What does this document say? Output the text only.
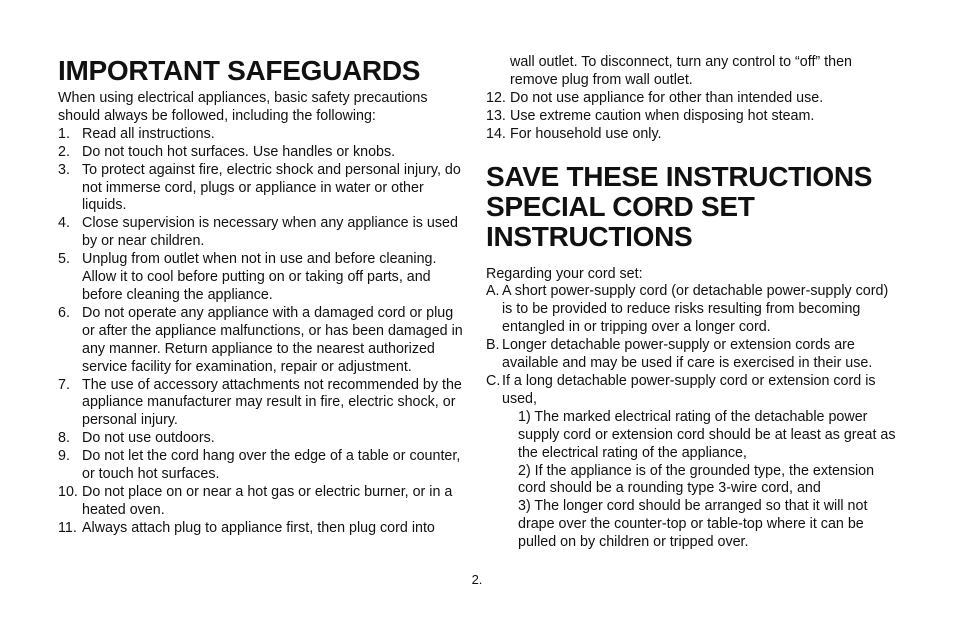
IMPORTANT SAFEGUARDS
When using electrical appliances, basic safety precautions should always be followed, including the following:
1. Read all instructions.
2. Do not touch hot surfaces. Use handles or knobs.
3. To protect against fire, electric shock and personal injury, do not immerse cord, plugs or appliance in water or other liquids.
4. Close supervision is necessary when any appliance is used by or near children.
5. Unplug from outlet when not in use and before cleaning. Allow it to cool before putting on or taking off parts, and before cleaning the appliance.
6. Do not operate any appliance with a damaged cord or plug or after the appliance malfunctions, or has been damaged in any manner. Return appliance to the nearest authorized service facility for examination, repair or adjustment.
7. The use of accessory attachments not recommended by the appliance manufacturer may result in fire, electric shock, or personal injury.
8. Do not use outdoors.
9. Do not let the cord hang over the edge of a table or counter, or touch hot surfaces.
10. Do not place on or near a hot gas or electric burner, or in a heated oven.
11. Always attach plug to appliance first, then plug cord into
wall outlet. To disconnect, turn any control to “off” then remove plug from wall outlet.
12. Do not use appliance for other than intended use.
13. Use extreme caution when disposing hot steam.
14. For household use only.
SAVE THESE INSTRUCTIONS
SPECIAL CORD SET
INSTRUCTIONS
Regarding your cord set:
A. A short power-supply cord (or detachable power-supply cord) is to be provided to reduce risks resulting from becoming entangled in or tripping over a longer cord.
B. Longer detachable power-supply or extension cords are available and may be used if care is exercised in their use.
C. If a long detachable power-supply cord or extension cord is used,
1) The marked electrical rating of the detachable power supply cord or extension cord should be at least as great as the electrical rating of the appliance,
2) If the appliance is of the grounded type, the extension cord should be a rounding type 3-wire cord, and
3) The longer cord should be arranged so that it will not drape over the counter-top or table-top where it can be pulled on by children or tripped over.
2.
